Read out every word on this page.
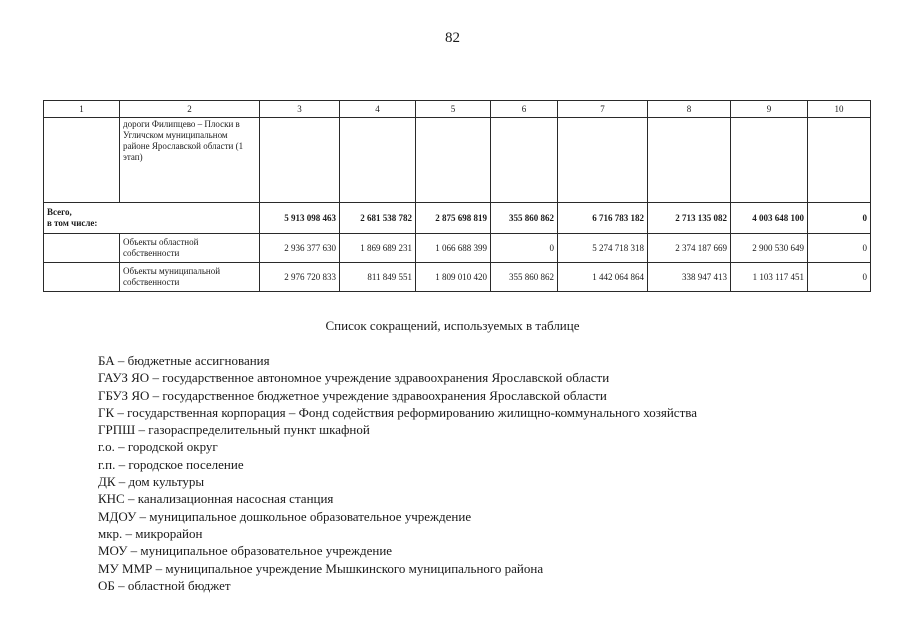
82
1	2	3	4	5	6	7	8	9	10
	дороги Филипцево – Плоски в Угличском муниципальном районе Ярославской области (1 этап)								

Всего,
в том числе:		5 913 098 463	2 681 538 782	2 875 698 819	355 860 862	6 716 783 182	2 713 135 082	4 003 648 100	0
	Объекты областной собственности	2 936 377 630	1 869 689 231	1 066 688 399	0	5 274 718 318	2 374 187 669	2 900 530 649	0
	Объекты муниципальной собственности	2 976 720 833	811 849 551	1 809 010 420	355 860 862	1 442 064 864	338 947 413	1 103 117 451	0
Список сокращений, используемых в таблице
БА – бюджетные ассигнования
ГАУЗ ЯО – государственное автономное учреждение здравоохранения Ярославской области
ГБУЗ ЯО – государственное бюджетное учреждение здравоохранения Ярославской области
ГК – государственная корпорация – Фонд содействия реформированию жилищно-коммунального хозяйства
ГРПШ – газораспределительный пункт шкафной
г.о. – городской округ
г.п. – городское поселение
ДК – дом культуры
КНС – канализационная насосная станция
МДОУ – муниципальное дошкольное образовательное учреждение
мкр. – микрорайон
МОУ – муниципальное образовательное учреждение
МУ ММР – муниципальное учреждение Мышкинского муниципального района
ОБ – областной бюджет
